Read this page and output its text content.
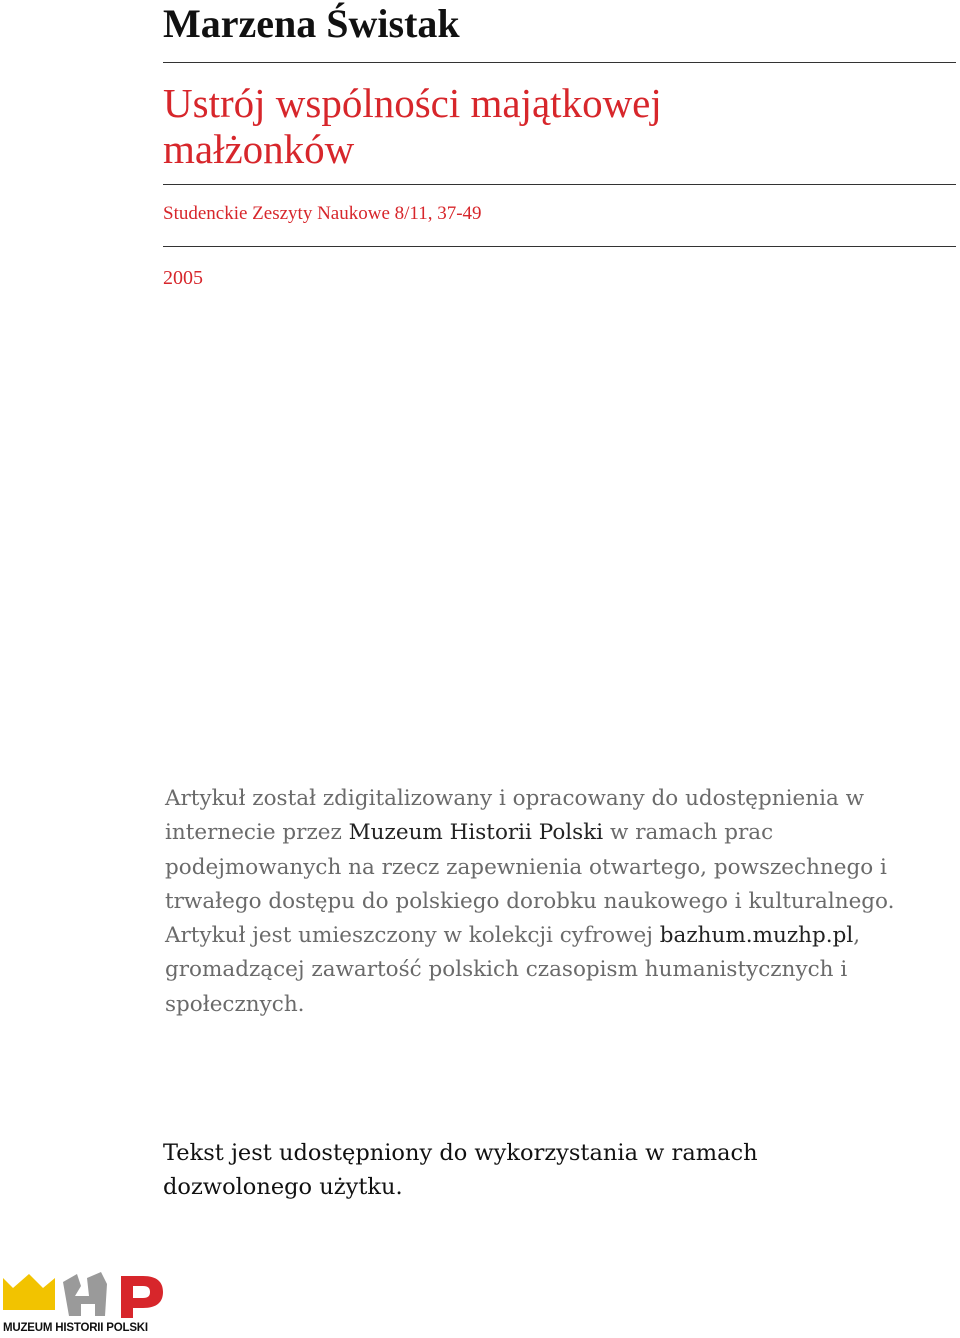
Marzena Świstak
Ustrój wspólności majątkowej małżonków
Studenckie Zeszyty Naukowe 8/11, 37-49
2005

Artykuł został zdigitalizowany i opracowany do udostępnienia w internecie przez Muzeum Historii Polski w ramach prac podejmowanych na rzecz zapewnienia otwartego, powszechnego i trwałego dostępu do polskiego dorobku naukowego i kulturalnego. Artykuł jest umieszczony w kolekcji cyfrowej bazhum.muzhp.pl, gromadzącej zawartość polskich czasopism humanistycznych i społecznych.

Tekst jest udostępniony do wykorzystania w ramach dozwolonego użytku.

MUZEUM HISTORII POLSKI
